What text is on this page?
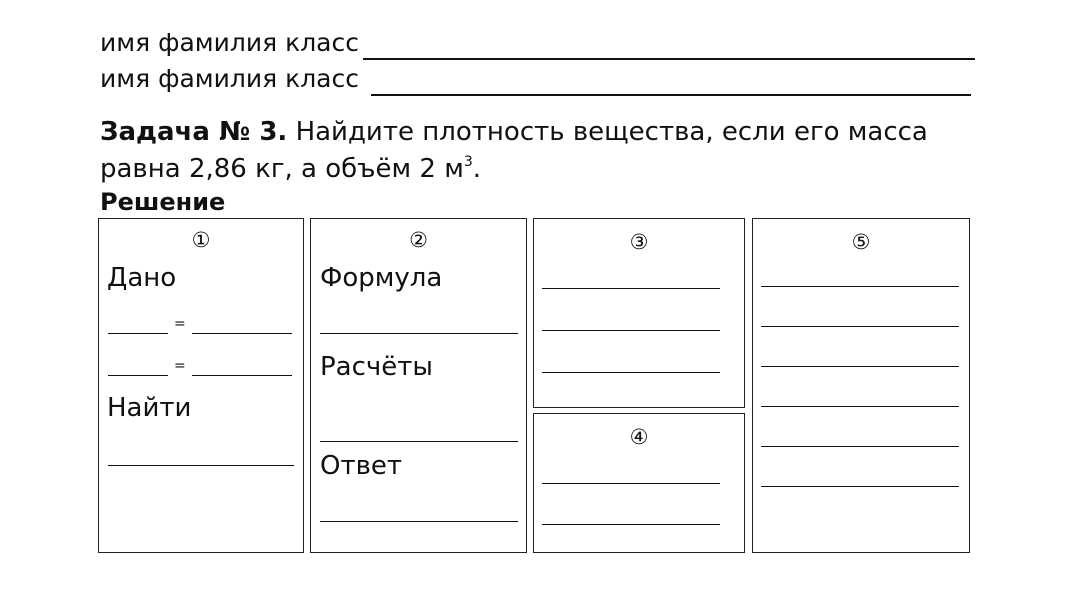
имя фамилия класс
имя фамилия класс
Задача № 3. Найдите плотность вещества, если его масса равна 2,86 кг, а объём 2 $м^3$.
Решение
①
Дано
=
=
Найти
②
Формула
Расчёты
Ответ
③
④
⑤
